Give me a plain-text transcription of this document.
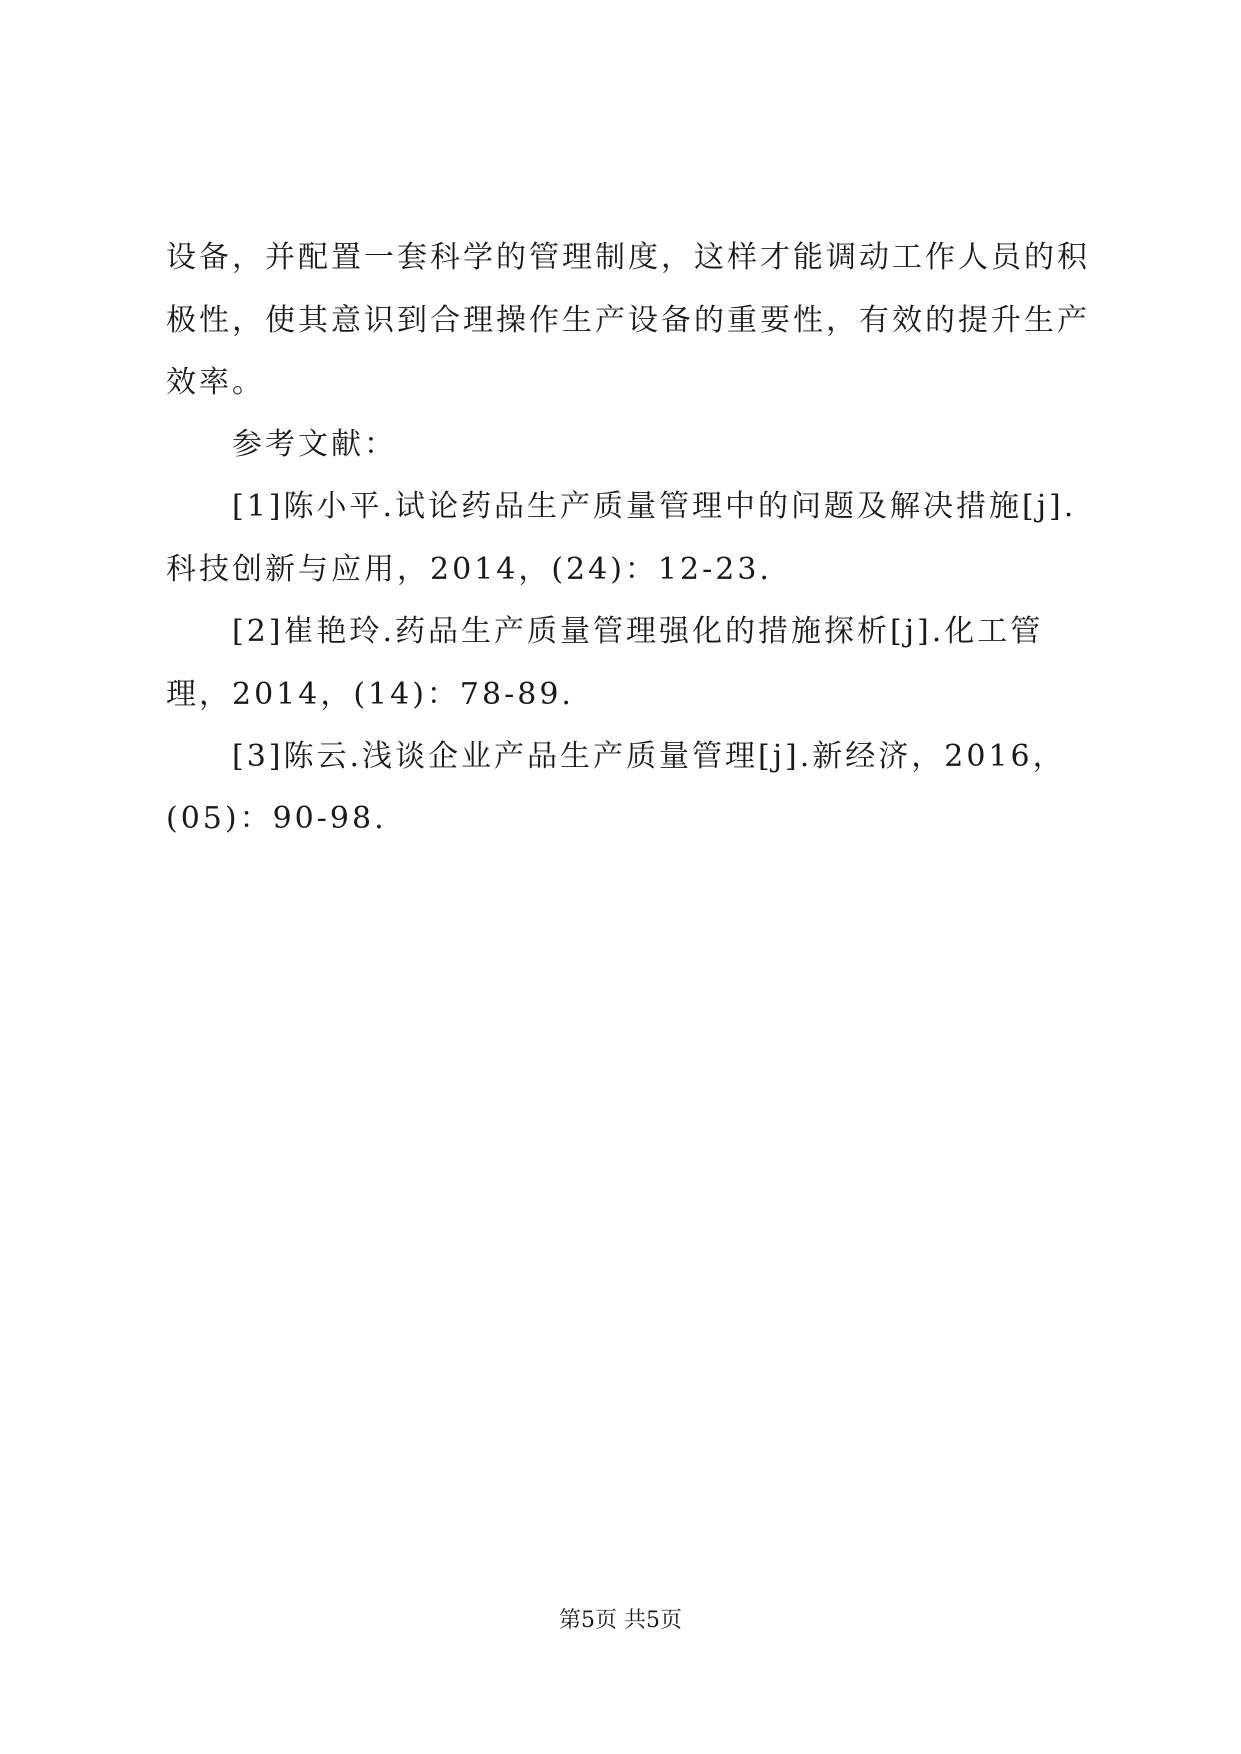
设备，并配置一套科学的管理制度，这样才能调动工作人员的积
极性，使其意识到合理操作生产设备的重要性，有效的提升生产
效率。
参考文献：
[1]陈小平.试论药品生产质量管理中的问题及解决措施[j].
科技创新与应用，2014，(24)：12-23.
[2]崔艳玲.药品生产质量管理强化的措施探析[j].化工管
理，2014，(14)：78-89.
[3]陈云.浅谈企业产品生产质量管理[j].新经济，2016，
(05)：90-98.
第5页 共5页
